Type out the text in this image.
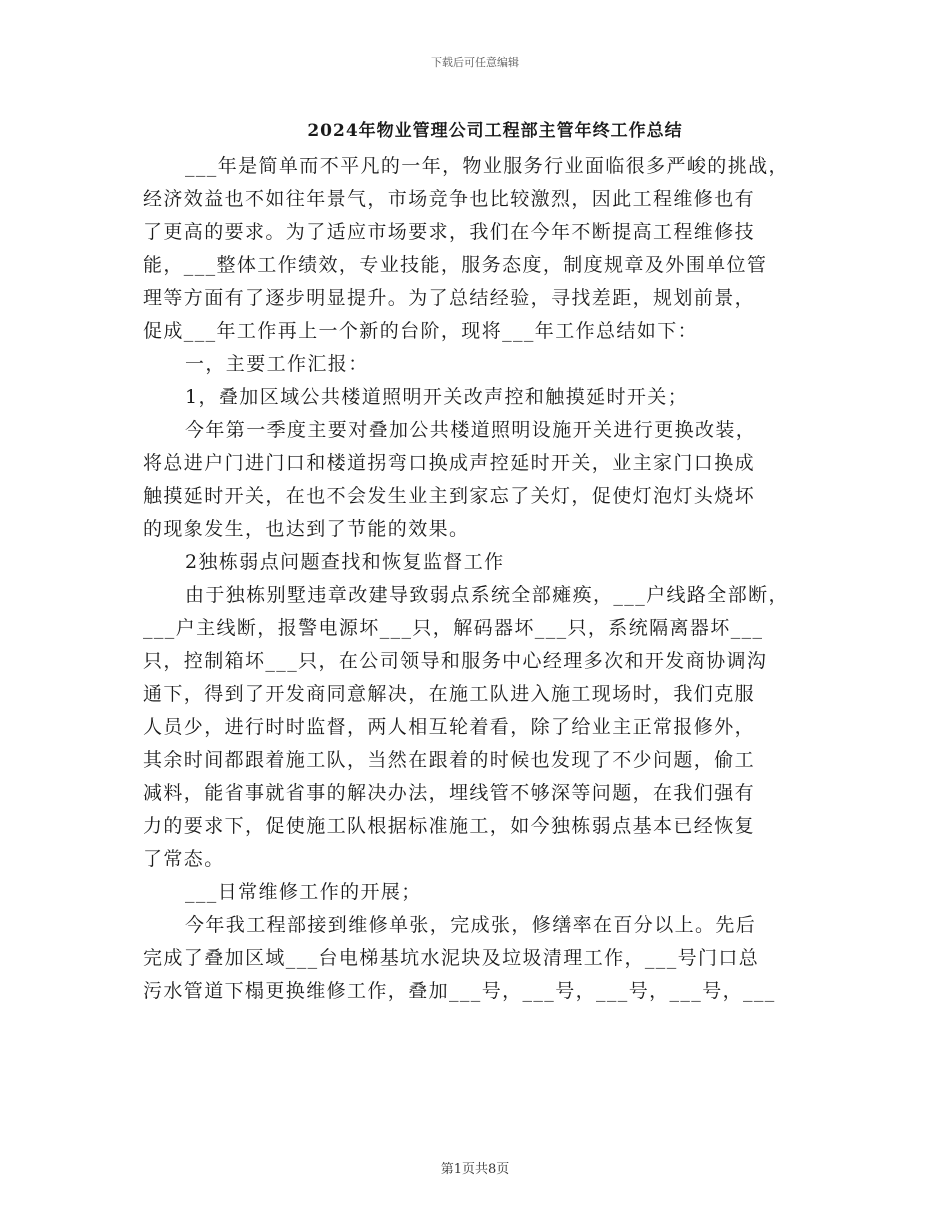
下载后可任意编辑
2024年物业管理公司工程部主管年终工作总结
___年是简单而不平凡的一年，物业服务行业面临很多严峻的挑战，
经济效益也不如往年景气，市场竞争也比较激烈，因此工程维修也有
了更高的要求。为了适应市场要求，我们在今年不断提高工程维修技
能，___整体工作绩效，专业技能，服务态度，制度规章及外围单位管
理等方面有了逐步明显提升。为了总结经验，寻找差距，规划前景，
促成___年工作再上一个新的台阶，现将___年工作总结如下：
一，主要工作汇报：
1，叠加区域公共楼道照明开关改声控和触摸延时开关；
今年第一季度主要对叠加公共楼道照明设施开关进行更换改装，
将总进户门进门口和楼道拐弯口换成声控延时开关，业主家门口换成
触摸延时开关，在也不会发生业主到家忘了关灯，促使灯泡灯头烧坏
的现象发生，也达到了节能的效果。
2独栋弱点问题查找和恢复监督工作
由于独栋别墅违章改建导致弱点系统全部瘫痪，___户线路全部断，
___户主线断，报警电源坏___只，解码器坏___只，系统隔离器坏___
只，控制箱坏___只，在公司领导和服务中心经理多次和开发商协调沟
通下，得到了开发商同意解决，在施工队进入施工现场时，我们克服
人员少，进行时时监督，两人相互轮着看，除了给业主正常报修外，
其余时间都跟着施工队，当然在跟着的时候也发现了不少问题，偷工
减料，能省事就省事的解决办法，埋线管不够深等问题，在我们强有
力的要求下，促使施工队根据标准施工，如今独栋弱点基本已经恢复
了常态。
___日常维修工作的开展；
今年我工程部接到维修单张，完成张，修缮率在百分以上。先后
完成了叠加区域___台电梯基坑水泥块及垃圾清理工作，___号门口总
污水管道下榻更换维修工作，叠加___号，___号，___号，___号，___
第1页共8页
